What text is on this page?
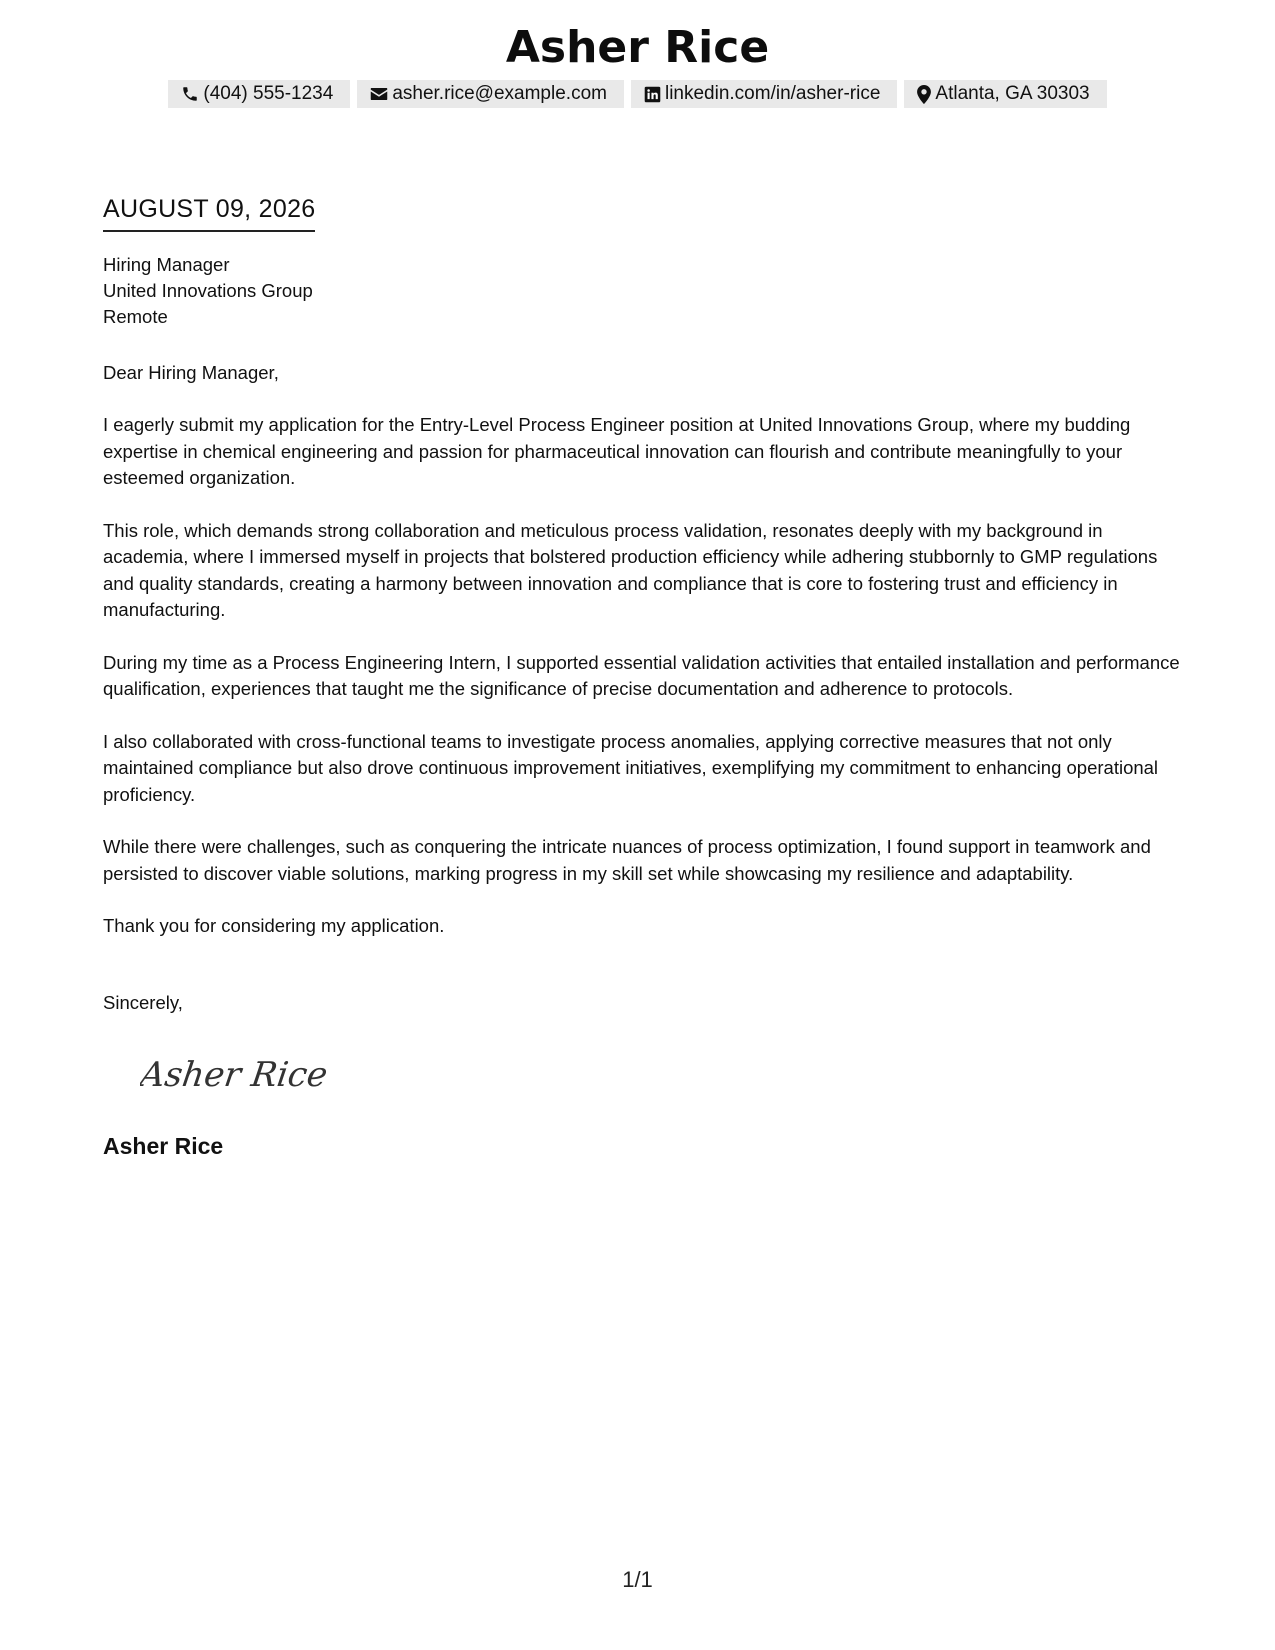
Asher Rice
(404) 555-1234	asher.rice@example.com	linkedin.com/in/asher-rice	Atlanta, GA 30303
AUGUST 09, 2026
Hiring Manager
United Innovations Group
Remote
Dear Hiring Manager,

I eagerly submit my application for the Entry-Level Process Engineer position at United Innovations Group, where my budding expertise in chemical engineering and passion for pharmaceutical innovation can flourish and contribute meaningfully to your esteemed organization.

This role, which demands strong collaboration and meticulous process validation, resonates deeply with my background in academia, where I immersed myself in projects that bolstered production efficiency while adhering stubbornly to GMP regulations and quality standards, creating a harmony between innovation and compliance that is core to fostering trust and efficiency in manufacturing.

During my time as a Process Engineering Intern, I supported essential validation activities that entailed installation and performance qualification, experiences that taught me the significance of precise documentation and adherence to protocols.

I also collaborated with cross-functional teams to investigate process anomalies, applying corrective measures that not only maintained compliance but also drove continuous improvement initiatives, exemplifying my commitment to enhancing operational proficiency.

While there were challenges, such as conquering the intricate nuances of process optimization, I found support in teamwork and persisted to discover viable solutions, marking progress in my skill set while showcasing my resilience and adaptability.

Thank you for considering my application.

Sincerely,
Asher Rice
Asher Rice
1/1
